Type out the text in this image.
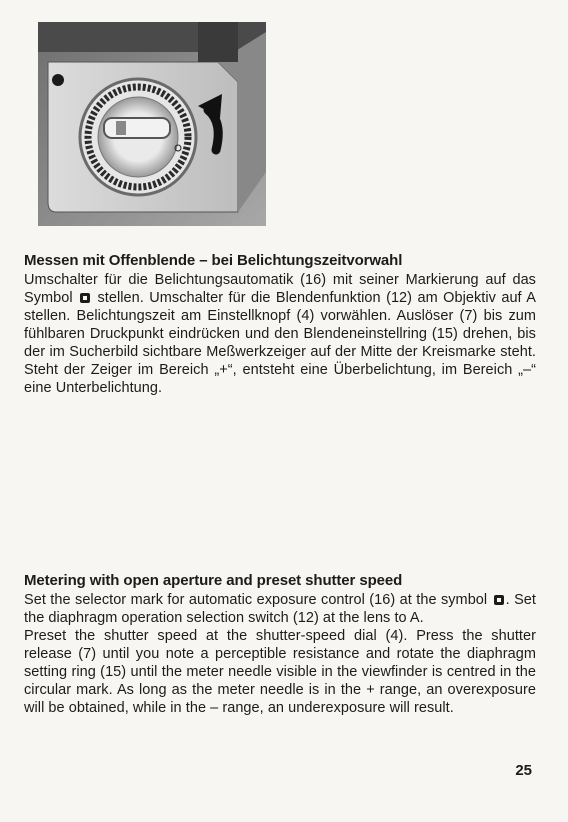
Messen mit Offenblende – bei Belichtungszeitvorwahl

Umschalter für die Belichtungsautomatik (16) mit seiner Markierung auf das Symbol stellen. Umschalter für die Blendenfunktion (12) am Objektiv auf A stellen. Belichtungszeit am Einstellknopf (4) vorwählen. Auslöser (7) bis zum fühlbaren Druckpunkt eindrücken und den Blendeneinstellring (15) drehen, bis der im Sucherbild sichtbare Meßwerkzeiger auf der Mitte der Kreismarke steht. Steht der Zeiger im Bereich „+“, entsteht eine Überbelichtung, im Bereich „–“ eine Unterbelichtung.

Metering with open aperture and preset shutter speed

Set the selector mark for automatic exposure control (16) at the symbol . Set the diaphragm operation selection switch (12) at the lens to A.

Preset the shutter speed at the shutter-speed dial (4). Press the shutter release (7) until you note a perceptible resistance and rotate the diaphragm setting ring (15) until the meter needle visible in the viewfinder is centred in the circular mark. As long as the meter needle is in the + range, an overexposure will be obtained, while in the – range, an underexposure will result.

25
